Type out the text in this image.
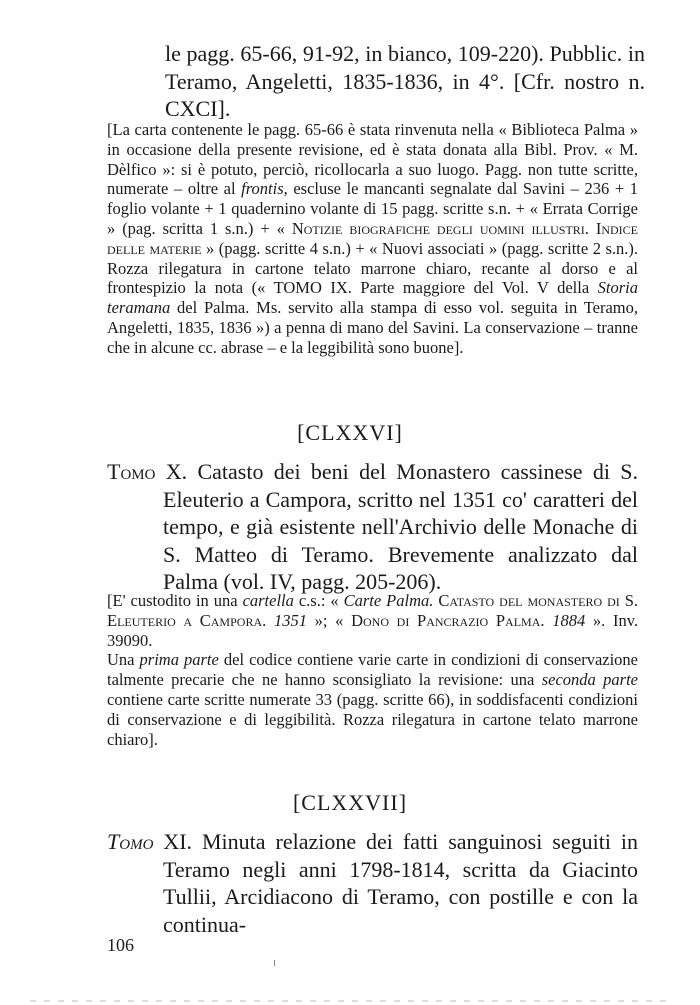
le pagg. 65-66, 91-92, in bianco, 109-220). Pubblic. in Teramo, Angeletti, 1835-1836, in 4°. [Cfr. nostro n. CXCI].

[La carta contenente le pagg. 65-66 è stata rinvenuta nella « Biblioteca Palma » in occasione della presente revisione, ed è stata donata alla Bibl. Prov. « M. Dèlfico »: si è potuto, perciò, ricollocarla a suo luogo. Pagg. non tutte scritte, numerate – oltre al frontis, escluse le mancanti segnalate dal Savini – 236 + 1 foglio volante + 1 quadernino volante di 15 pagg. scritte s.n. + « Errata Corrige » (pag. scritta 1 s.n.) + « Notizie biografiche degli uomini illustri. Indice delle materie » (pagg. scritte 4 s.n.) + « Nuovi associati » (pagg. scritte 2 s.n.). Rozza rilegatura in cartone telato marrone chiaro, recante al dorso e al frontespizio la nota (« TOMO IX. Parte maggiore del Vol. V della Storia teramana del Palma. Ms. servito alla stampa di esso vol. seguita in Teramo, Angeletti, 1835, 1836 ») a penna di mano del Savini. La conservazione – tranne che in alcune cc. abrase – e la leggibilità sono buone].

[CLXXVI]

Tomo X. Catasto dei beni del Monastero cassinese di S. Eleuterio a Campora, scritto nel 1351 co' caratteri del tempo, e già esistente nell'Archivio delle Monache di S. Matteo di Teramo. Brevemente analizzato dal Palma (vol. IV, pagg. 205-206).

[E' custodito in una cartella c.s.: « Carte Palma. Catasto del monastero di S. Eleuterio a Campora. 1351 »; « Dono di Pancrazio Palma. 1884 ». Inv. 39090.

Una prima parte del codice contiene varie carte in condizioni di conservazione talmente precarie che ne hanno sconsigliato la revisione: una seconda parte contiene carte scritte numerate 33 (pagg. scritte 66), in soddisfacenti condizioni di conservazione e di leggibilità. Rozza rilegatura in cartone telato marrone chiaro].

[CLXXVII]

Tomo XI. Minuta relazione dei fatti sanguinosi seguiti in Teramo negli anni 1798-1814, scritta da Giacinto Tullii, Arcidiacono di Teramo, con postille e con la continua-

106
